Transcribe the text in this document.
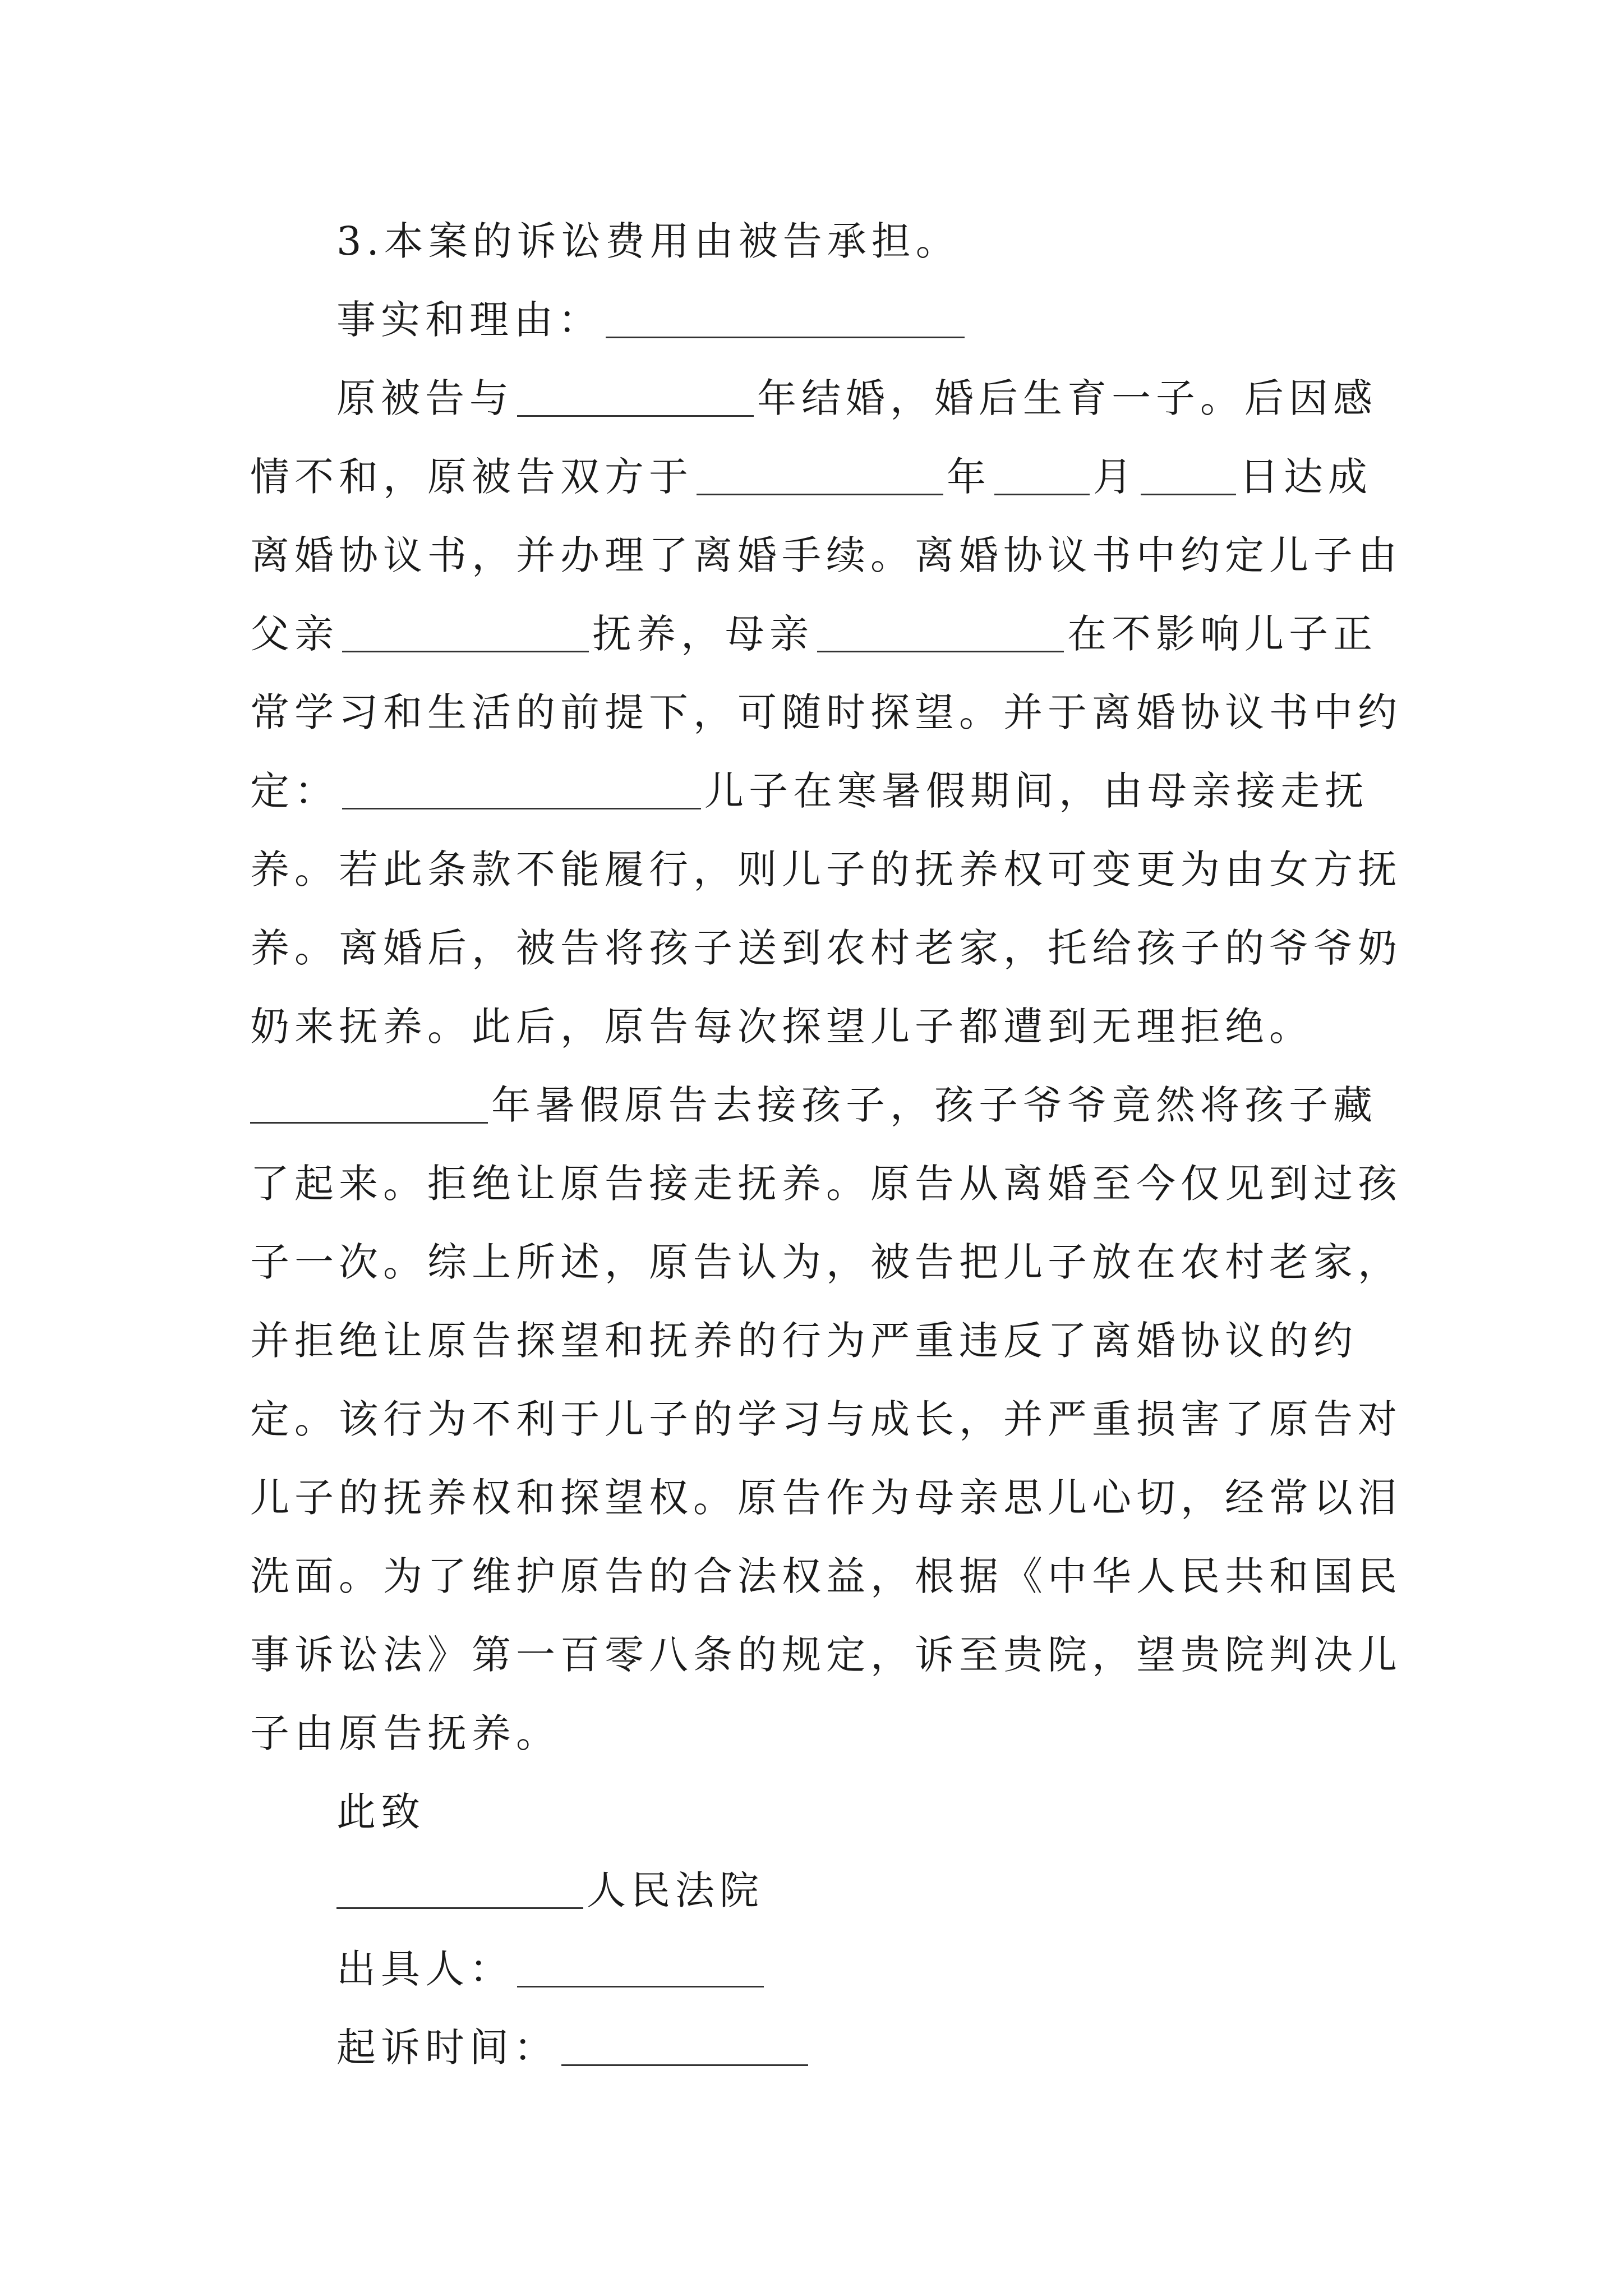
3.本案的诉讼费用由被告承担。
事实和理由：
原被告与	年结婚，婚后生育一子。后因感
情不和，原被告双方于	年	月	日达成
离婚协议书，并办理了离婚手续。离婚协议书中约定儿子由
父亲	抚养，母亲	在不影响儿子正
常学习和生活的前提下，可随时探望。并于离婚协议书中约
定：	儿子在寒暑假期间，由母亲接走抚
养。若此条款不能履行，则儿子的抚养权可变更为由女方抚
养。离婚后，被告将孩子送到农村老家，托给孩子的爷爷奶
奶来抚养。此后，原告每次探望儿子都遭到无理拒绝。
年暑假原告去接孩子，孩子爷爷竟然将孩子藏
了起来。拒绝让原告接走抚养。原告从离婚至今仅见到过孩
子一次。综上所述，原告认为，被告把儿子放在农村老家，
并拒绝让原告探望和抚养的行为严重违反了离婚协议的约
定。该行为不利于儿子的学习与成长，并严重损害了原告对
儿子的抚养权和探望权。原告作为母亲思儿心切，经常以泪
洗面。为了维护原告的合法权益，根据《中华人民共和国民
事诉讼法》第一百零八条的规定，诉至贵院，望贵院判决儿
子由原告抚养。
此致
人民法院
出具人：
起诉时间：
